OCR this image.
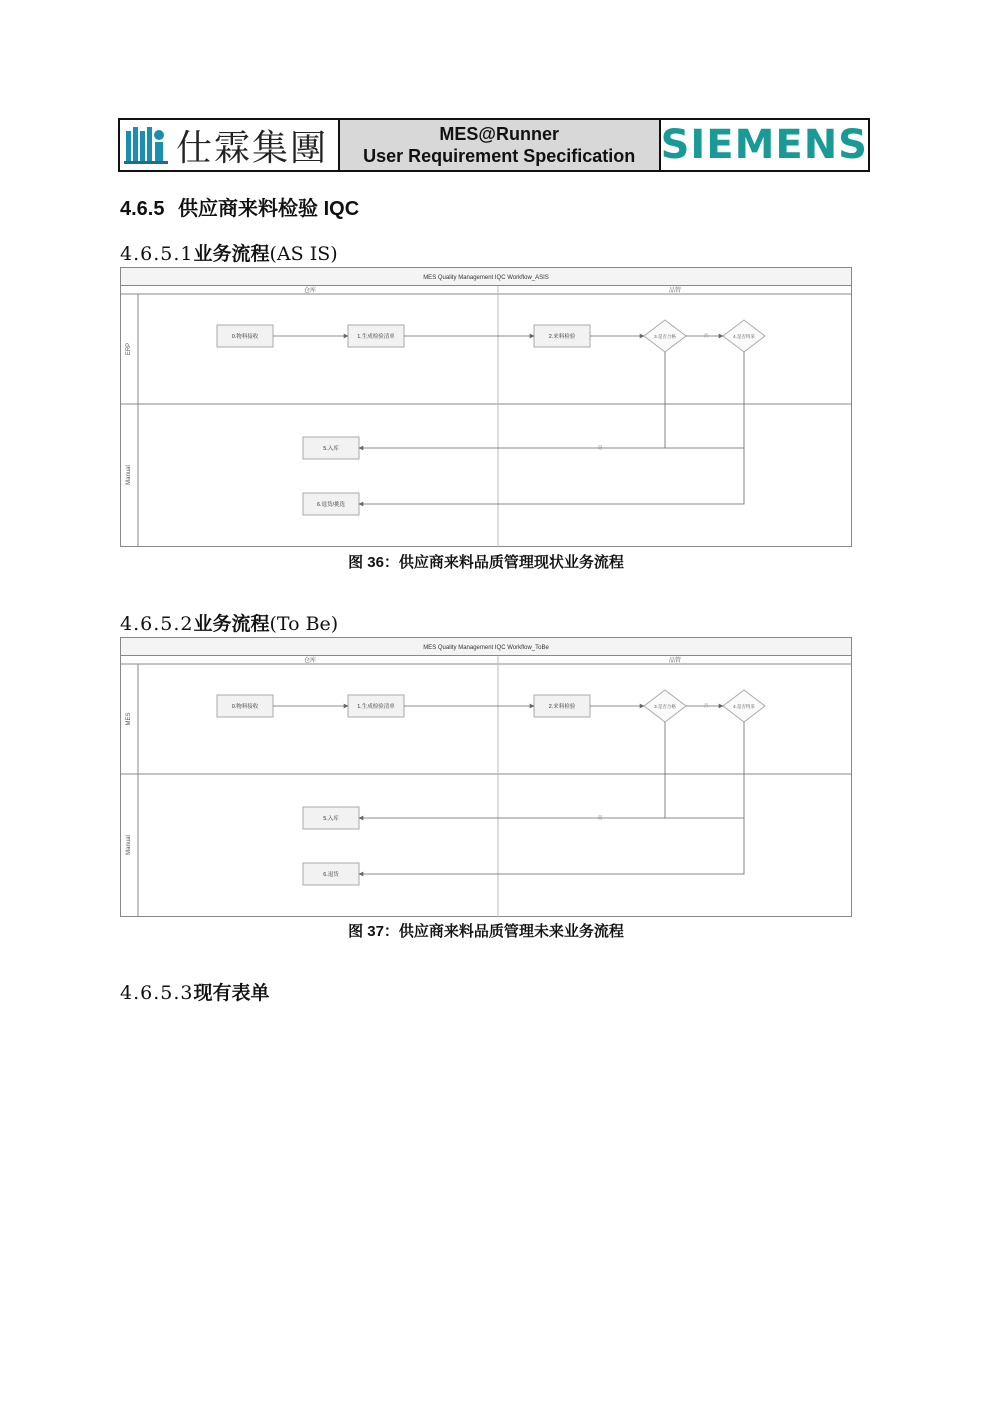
仕霖集團	MES@Runner
User Requirement Specification SIEMENS
4.6.5 供应商来料检验 IQC
4.6.5.1业务流程(AS IS)
MES Quality Management IQC Workflow_ASIS
仓库	品管
ERP
Manual
0.物料接收	1.生成检验清单	2.来料检验	3.是否合格	4.是否特采
5.入库
6.退货/挑选
否
是
图 36：供应商来料品质管理现状业务流程
4.6.5.2业务流程(To Be)
MES Quality Management IQC Workflow_ToBe
仓库	品管
MES
Manual
0.物料接收	1.生成检验清单	2.来料检验	3.是否合格	4.是否特采
5.入库
6.退货
否
是
图 37：供应商来料品质管理未来业务流程
4.6.5.3现有表单
